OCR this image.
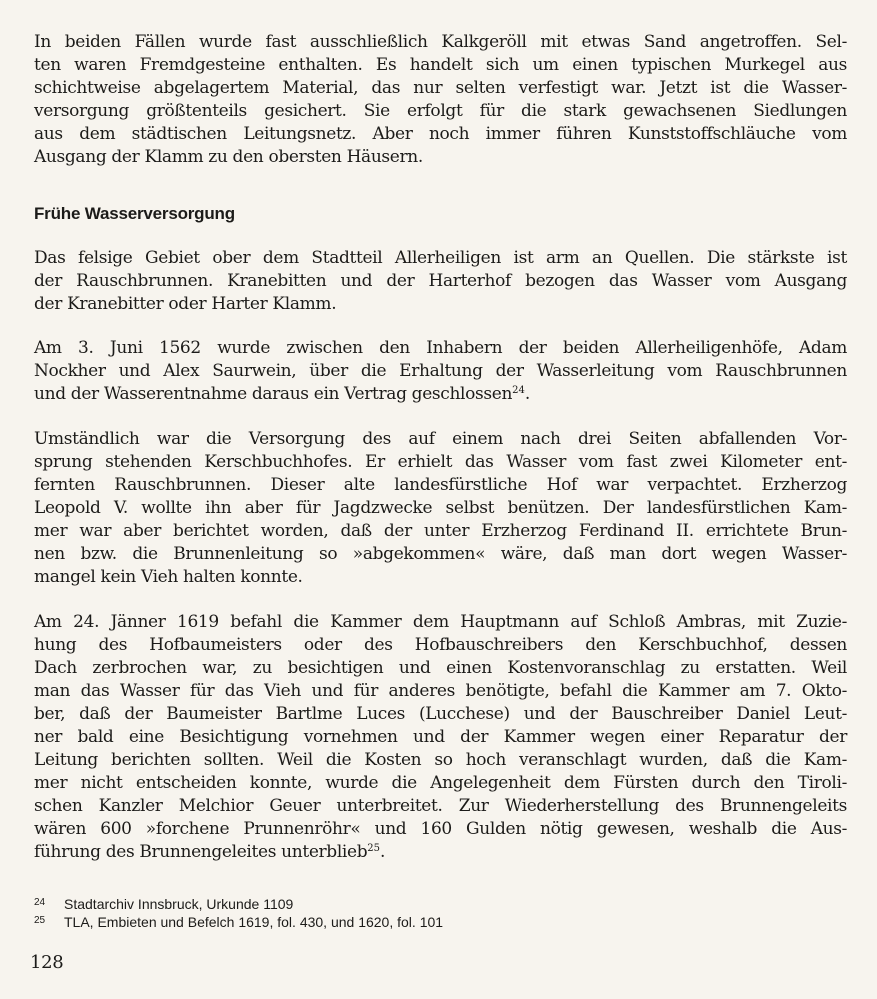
In beiden Fällen wurde fast ausschließlich Kalkgeröll mit etwas Sand angetroffen. Sel-
ten waren Fremdgesteine enthalten. Es handelt sich um einen typischen Murkegel aus
schichtweise abgelagertem Material, das nur selten verfestigt war. Jetzt ist die Wasser-
versorgung größtenteils gesichert. Sie erfolgt für die stark gewachsenen Siedlungen
aus dem städtischen Leitungsnetz. Aber noch immer führen Kunststoffschläuche vom
Ausgang der Klamm zu den obersten Häusern.
Frühe Wasserversorgung
Das felsige Gebiet ober dem Stadtteil Allerheiligen ist arm an Quellen. Die stärkste ist
der Rauschbrunnen. Kranebitten und der Harterhof bezogen das Wasser vom Ausgang
der Kranebitter oder Harter Klamm.
Am 3. Juni 1562 wurde zwischen den Inhabern der beiden Allerheiligenhöfe, Adam
Nockher und Alex Saurwein, über die Erhaltung der Wasserleitung vom Rauschbrunnen
und der Wasserentnahme daraus ein Vertrag geschlossen$^{24}$.
Umständlich war die Versorgung des auf einem nach drei Seiten abfallenden Vor-
sprung stehenden Kerschbuchhofes. Er erhielt das Wasser vom fast zwei Kilometer ent-
fernten Rauschbrunnen. Dieser alte landesfürstliche Hof war verpachtet. Erzherzog
Leopold V. wollte ihn aber für Jagdzwecke selbst benützen. Der landesfürstlichen Kam-
mer war aber berichtet worden, daß der unter Erzherzog Ferdinand II. errichtete Brun-
nen bzw. die Brunnenleitung so »abgekommen« wäre, daß man dort wegen Wasser-
mangel kein Vieh halten konnte.
Am 24. Jänner 1619 befahl die Kammer dem Hauptmann auf Schloß Ambras, mit Zuzie-
hung des Hofbaumeisters oder des Hofbauschreibers den Kerschbuchhof, dessen
Dach zerbrochen war, zu besichtigen und einen Kostenvoranschlag zu erstatten. Weil
man das Wasser für das Vieh und für anderes benötigte, befahl die Kammer am 7. Okto-
ber, daß der Baumeister Bartlme Luces (Lucchese) und der Bauschreiber Daniel Leut-
ner bald eine Besichtigung vornehmen und der Kammer wegen einer Reparatur der
Leitung berichten sollten. Weil die Kosten so hoch veranschlagt wurden, daß die Kam-
mer nicht entscheiden konnte, wurde die Angelegenheit dem Fürsten durch den Tiroli-
schen Kanzler Melchior Geuer unterbreitet. Zur Wiederherstellung des Brunnengeleits
wären 600 »forchene Prunnenröhr« und 160 Gulden nötig gewesen, weshalb die Aus-
führung des Brunnengeleites unterblieb$^{25}$.
24 Stadtarchiv Innsbruck, Urkunde 1109
25 TLA, Embieten und Befelch 1619, fol. 430, und 1620, fol. 101
128
